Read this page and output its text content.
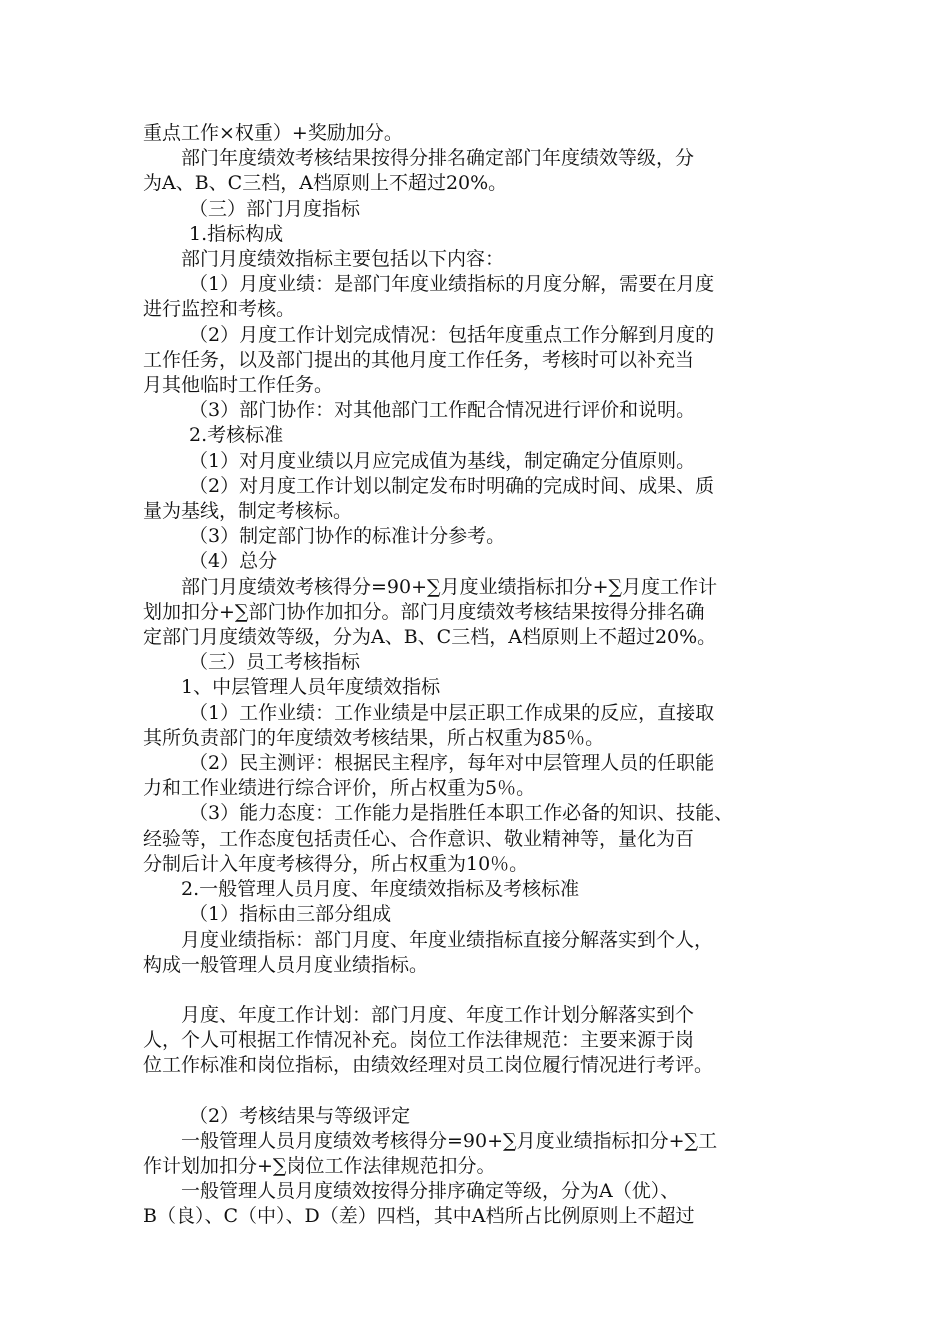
重点工作×权重）+奖励加分。

部门年度绩效考核结果按得分排名确定部门年度绩效等级，分

为A、B、C三档，A档原则上不超过20%。

（三）部门月度指标

1.指标构成

部门月度绩效指标主要包括以下内容：

（1）月度业绩：是部门年度业绩指标的月度分解，需要在月度

进行监控和考核。

（2）月度工作计划完成情况：包括年度重点工作分解到月度的

工作任务，以及部门提出的其他月度工作任务，考核时可以补充当

月其他临时工作任务。

（3）部门协作：对其他部门工作配合情况进行评价和说明。

2.考核标准

（1）对月度业绩以月应完成值为基线，制定确定分值原则。

（2）对月度工作计划以制定发布时明确的完成时间、成果、质

量为基线，制定考核标。

（3）制定部门协作的标准计分参考。

（4）总分

部门月度绩效考核得分=90+∑月度业绩指标扣分+∑月度工作计

划加扣分+∑部门协作加扣分。部门月度绩效考核结果按得分排名确

定部门月度绩效等级，分为A、B、C三档，A档原则上不超过20%。

（三）员工考核指标

1、中层管理人员年度绩效指标

（1）工作业绩：工作业绩是中层正职工作成果的反应，直接取

其所负责部门的年度绩效考核结果，所占权重为85％。

（2）民主测评：根据民主程序，每年对中层管理人员的任职能

力和工作业绩进行综合评价，所占权重为5％。

（3）能力态度：工作能力是指胜任本职工作必备的知识、技能、

经验等，工作态度包括责任心、合作意识、敬业精神等，量化为百

分制后计入年度考核得分，所占权重为10％。

2.一般管理人员月度、年度绩效指标及考核标准

（1）指标由三部分组成

月度业绩指标：部门月度、年度业绩指标直接分解落实到个人，

构成一般管理人员月度业绩指标。

月度、年度工作计划：部门月度、年度工作计划分解落实到个

人，个人可根据工作情况补充。岗位工作法律规范：主要来源于岗

位工作标准和岗位指标，由绩效经理对员工岗位履行情况进行考评。

（2）考核结果与等级评定

一般管理人员月度绩效考核得分=90+∑月度业绩指标扣分+∑工

作计划加扣分+∑岗位工作法律规范扣分。

一般管理人员月度绩效按得分排序确定等级，分为A（优）、

B（良）、C（中）、D（差）四档，其中A档所占比例原则上不超过
